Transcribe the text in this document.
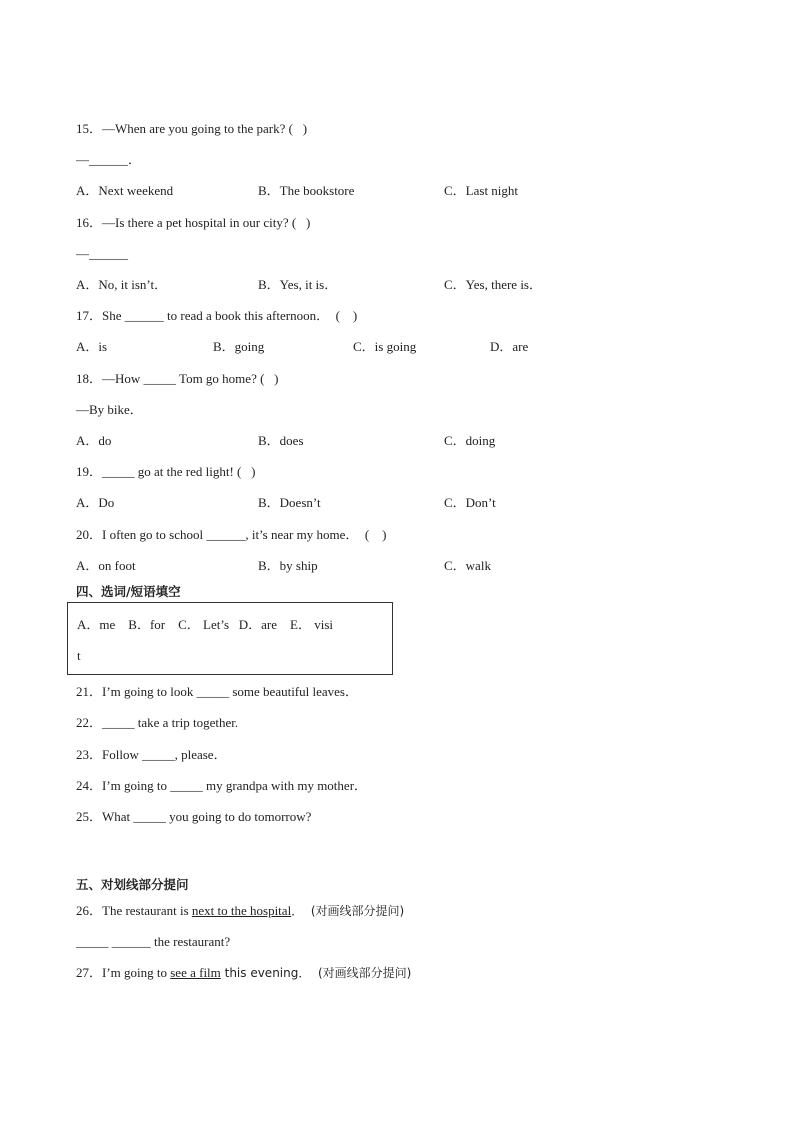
15．—When are you going to the park? (   )
—______．
A．Next weekend	B．The bookstore	C．Last night
16．—Is there a pet hospital in our city? (   )
—______
A．No, it isn’t．	B．Yes, it is．	C．Yes, there is．
17．She ______ to read a book this afternoon．  (    )
A．is	B．going	C．is going	D．are
18．—How _____ Tom go home? (   )
—By bike．
A．do	B．does	C．doing
19．_____ go at the red light! (   )
A．Do	B．Doesn’t	C．Don’t
20．I often go to school ______, it’s near my home．  (    )
A．on foot	B．by ship	C．walk
四、选词/短语填空
A．me    B．for    C． Let’s   D．are    E． visi
t
21．I’m going to look _____ some beautiful leaves．
22．_____ take a trip together.
23．Follow _____, please．
24．I’m going to _____ my grandpa with my mother．
25．What _____ you going to do tomorrow?
五、对划线部分提问
26．The restaurant is next to the hospital．  (对画线部分提问)
_____ ______ the restaurant?
27．I’m going to see a film this evening．  (对画线部分提问)
